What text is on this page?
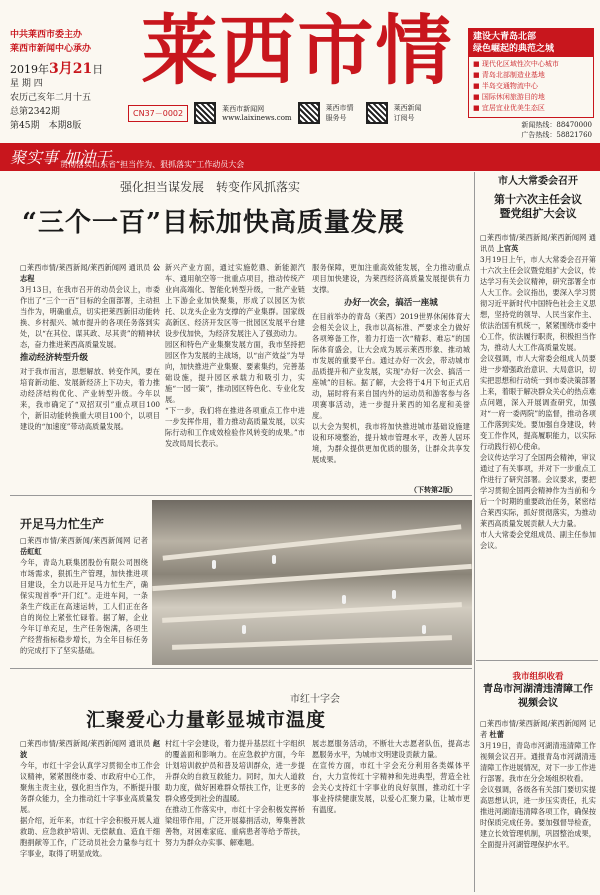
中共莱西市委主办
莱西市新闻中心承办
2019年3月21日
星 期 四
农历己亥年二月十五
总第2342期
第45期　 本期8版
莱西市情
CN37－0002	莱西市新闻网
www.laixinews.com
莱西市情服务号
莱西新闻订阅号
新闻热线：88470000
广告热线：58821760
建设大青岛北部
绿色崛起的典范之城
■ 现代化区域性次中心城市
■ 青岛北部制造业基地
■ 半岛交通物流中心
■ 国际休闲旅游目的地
■ 宜居宜业优美生态区
聚实事 加油干
贯彻落实山东省“担当作为、狠抓落实”工作动员大会
强化担当谋发展　转变作风抓落实
“三个一百”目标加快高质量发展
□莱西市情/莱西新闻/莱西新闻网 通讯员 公志程
3月13日，在我市召开的动员会议上，市委作出了“三个一百”目标的全面部署，主动担当作为，明确重点，切实把莱西新旧动能转换、乡村振兴、城市提升的各项任务落到实处，以“在其位、谋其政、尽其责”的精神状态，奋力推进莱西高质量发展。
推动经济转型升级
对于我市而言，思想解放、转变作风，要在培育新动能、发展新经济上下功夫，着力推动经济结构优化、产业转型升级。今年以来，我市确定了“双招双引”重点项目100个，新旧动能转换重大项目100个，以项目建设的“加速度”带动高质量发展。
新兴产业方面，通过实施乾鼎、新能源汽车、通用航空等一批重点项目，推动传统产业向高端化、智能化转型升级，一批产业链上下游企业加快聚集，形成了以园区为依托、以龙头企业为支撑的产业集群。国家级高新区、经济开发区等一批园区发展平台建设步伐加快，为经济发展注入了强劲动力。
园区和特色产业集聚发展方面，我市坚持把园区作为发展的主战场，以“亩产效益”为导向，加快推进产业集聚、要素集约，完善基础设施，提升园区承载力和吸引力，实施“一园一策”，推动园区特色化、专业化发展。
“下一步，我们将在推进各项重点工作中进一步发挥作用，着力推动高质量发展，以实际行动和工作成效检验作风转变的成果。”市发改局局长表示。
服务保障，更加注重高效能发展，全力推动重点项目加快建设，为莱西经济高质量发展提供有力支撑。
办好一次会，搞活一座城
在目前举办的青岛（莱西）2019世界休闲体育大会相关会议上，我市以高标准、严要求全力做好各项筹备工作，着力打造一次“精彩、难忘”的国际体育盛会，让大会成为展示莱西形象、推动城市发展的重要平台。通过办好一次会，带动城市品质提升和产业发展，实现“办好一次会、搞活一座城”的目标。据了解，大会将于4月下旬正式启动，届时将有来自国内外的运动员和游客参与各项赛事活动，进一步提升莱西的知名度和美誉度。
以大会为契机，我市将加快推进城市基础设施建设和环境整治，提升城市管理水平，改善人居环境，为群众提供更加优质的服务，让群众共享发展成果。
（下转第2版）
市人大常委会召开
第十六次主任会议
暨党组扩大会议
□莱西市情/莱西新闻/莱西新闻网 通讯员 上官英
3月19日上午，市人大常委会召开第十六次主任会议暨党组扩大会议，传达学习有关会议精神，研究部署全市人大工作。会议指出，要深入学习贯彻习近平新时代中国特色社会主义思想，坚持党的领导、人民当家作主、依法治国有机统一，紧紧围绕市委中心工作，依法履行职责，积极担当作为，推动人大工作高质量发展。
会议强调，市人大常委会组成人员要进一步增强政治意识、大局意识，切实把思想和行动统一到市委决策部署上来，着眼于解决群众关心的热点难点问题，深入开展调查研究，加强对“一府一委两院”的监督，推动各项工作落到实处。要加强自身建设，转变工作作风，提高履职能力，以实际行动践行初心使命。
会议传达学习了全国两会精神，审议通过了有关事项，并对下一步重点工作进行了研究部署。会议要求，要把学习贯彻全国两会精神作为当前和今后一个时期的重要政治任务，紧密结合莱西实际，抓好贯彻落实，为推动莱西高质量发展贡献人大力量。
市人大常委会党组成员、副主任参加会议。
开足马力忙生产
□莱西市情/莱西新闻/莱西新闻网 记者 岳虹虹
今年，青岛九联集团股份有限公司围绕市场需求，狠抓生产管理，加快推进项目建设，全力以赴开足马力忙生产，确保实现首季“开门红”。走进车间，一条条生产线正在高速运转，工人们正在各自的岗位上紧张忙碌着。据了解，企业今年订单充足，生产任务饱满，各项生产经营指标稳步增长，为全年目标任务的完成打下了坚实基础。
市红十字会
汇聚爱心力量彰显城市温度
□莱西市情/莱西新闻/莱西新闻网 通讯员 赵波
今年，市红十字会认真学习贯彻全市工作会议精神，紧紧围绕市委、市政府中心工作，聚焦主责主业，强化担当作为，不断提升服务群众能力，全力推动红十字事业高质量发展。
据介绍，近年来，市红十字会积极开展人道救助、应急救护培训、无偿献血、造血干细胞捐献等工作，广泛动员社会力量参与红十字事业，取得了明显成效。
村红十字会建设，着力提升基层红十字组织的覆盖面和影响力。在应急救护方面，今年计划培训救护员和普及培训群众，进一步提升群众的自救互救能力。同时，加大人道救助力度，做好困难群众帮扶工作，让更多的群众感受到社会的温暖。
在推动工作落实中，市红十字会积极发挥桥梁纽带作用，广泛开展募捐活动，筹集善款善物，对困难家庭、重病患者等给予帮扶，努力为群众办实事、解难题。
展志愿服务活动，不断壮大志愿者队伍，提高志愿服务水平，为城市文明建设贡献力量。
在宣传方面，市红十字会充分利用各类媒体平台，大力宣传红十字精神和先进典型，营造全社会关心支持红十字事业的良好氛围，推动红十字事业持续健康发展，以爱心汇聚力量，让城市更有温度。
我市组织收看
青岛市河湖清违清障工作
视频会议
□莱西市情/莱西新闻/莱西新闻网 记者 杜蕾
3月19日，青岛市河湖清违清障工作视频会议召开。通报青岛市河湖清违清障工作进展情况，对下一步工作进行部署。我市在分会场组织收看。
会议强调，各级各有关部门要切实提高思想认识，进一步压实责任，扎实推进河湖清违清障各项工作，确保按时保质完成任务。要加强督导检查，建立长效管理机制，巩固整治成果，全面提升河湖管理保护水平。
